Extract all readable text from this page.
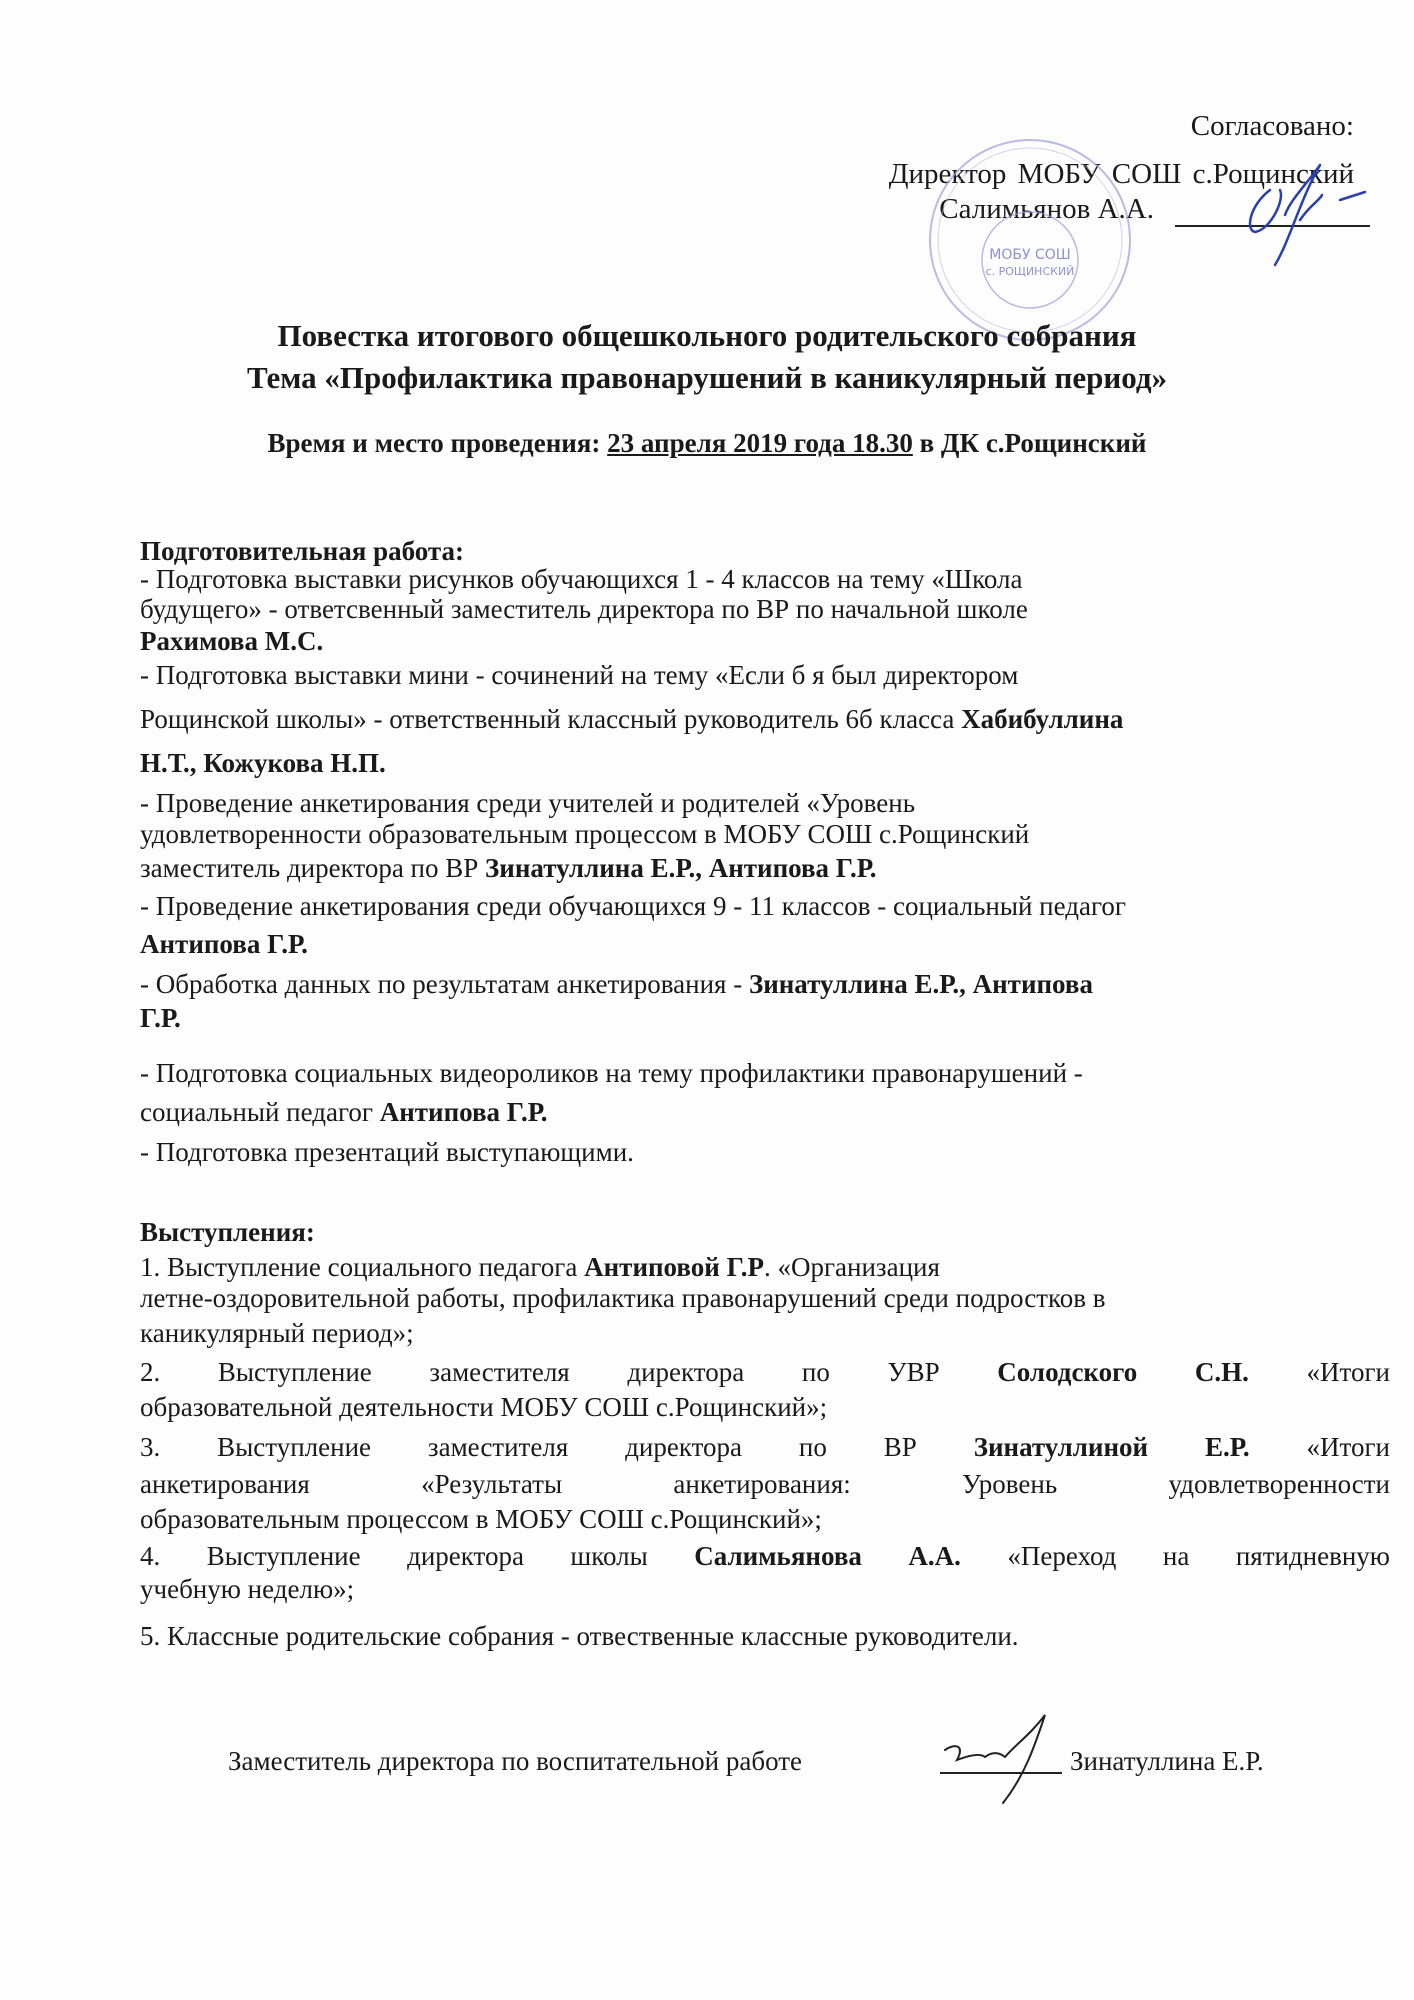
Согласовано:
Директор МОБУ СОШ с.Рощинский
Салимьянов А.А.
МОБУ СОШ
с. РОЩИНСКИЙ
Повестка итогового общешкольного родительского собрания
Тема «Профилактика правонарушений в каникулярный период»
Время и место проведения: 23 апреля 2019 года 18.30 в ДК с.Рощинский
Подготовительная работа:
- Подготовка выставки рисунков обучающихся 1 - 4 классов на тему «Школа
будущего» - ответсвенный заместитель директора по ВР по начальной школе
Рахимова М.С.
- Подготовка выставки мини - сочинений на тему «Если б я был директором
Рощинской школы» - ответственный классный руководитель 6б класса Хабибуллина
Н.Т., Кожукова Н.П.
- Проведение анкетирования среди учителей и родителей «Уровень
удовлетворенности образовательным процессом в МОБУ СОШ с.Рощинский
заместитель директора по ВР Зинатуллина Е.Р., Антипова Г.Р.
- Проведение анкетирования среди обучающихся 9 - 11 классов - социальный педагог
Антипова Г.Р.
- Обработка данных по результатам анкетирования - Зинатуллина Е.Р., Антипова
Г.Р.
- Подготовка социальных видеороликов на тему профилактики правонарушений -
социальный педагог Антипова Г.Р.
- Подготовка презентаций выступающими.
Выступления:
1. Выступление социального педагога Антиповой Г.Р. «Организация
летне-оздоровительной работы, профилактика правонарушений среди подростков в
каникулярный период»;
2. Выступление заместителя директора по УВР Солодского С.Н. «Итоги
образовательной деятельности МОБУ СОШ с.Рощинский»;
3. Выступление заместителя директора по ВР Зинатуллиной Е.Р. «Итоги
анкетирования «Результаты анкетирования: Уровень удовлетворенности
образовательным процессом в МОБУ СОШ с.Рощинский»;
4. Выступление директора школы Салимьянова А.А. «Переход на пятидневную
учебную неделю»;
5. Классные родительские собрания - отвественные классные руководители.
Заместитель директора по воспитательной работе	Зинатуллина Е.Р.
